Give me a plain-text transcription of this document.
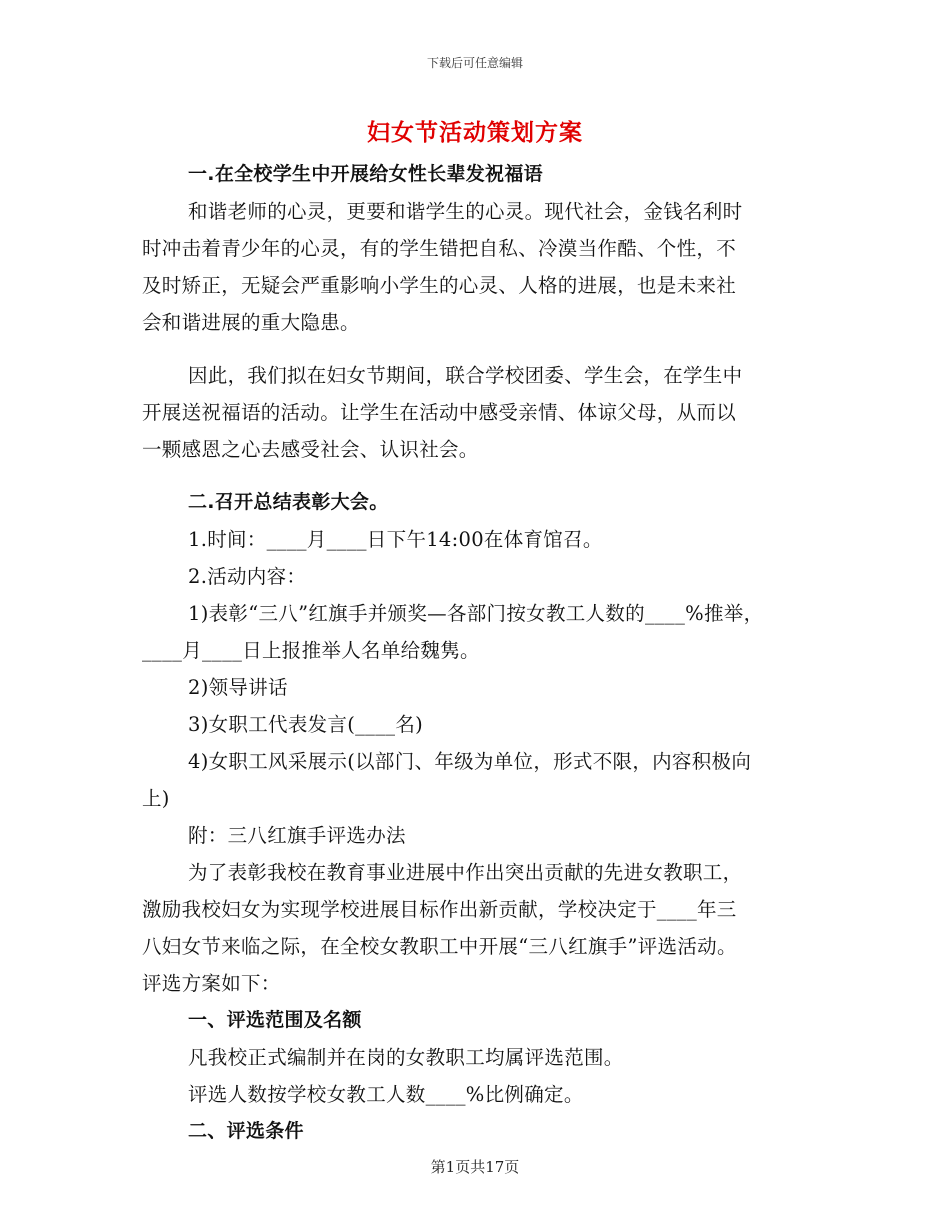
下载后可任意编辑
妇女节活动策划方案
一.在全校学生中开展给女性长辈发祝福语
和谐老师的心灵，更要和谐学生的心灵。现代社会，金钱名利时
时冲击着青少年的心灵，有的学生错把自私、冷漠当作酷、个性，不
及时矫正，无疑会严重影响小学生的心灵、人格的进展，也是未来社
会和谐进展的重大隐患。
因此，我们拟在妇女节期间，联合学校团委、学生会，在学生中
开展送祝福语的活动。让学生在活动中感受亲情、体谅父母，从而以
一颗感恩之心去感受社会、认识社会。
二.召开总结表彰大会。
1.时间：____月____日下午14:00在体育馆召。
2.活动内容：
1)表彰“三八”红旗手并颁奖—各部门按女教工人数的____%推举，
____月____日上报推举人名单给魏隽。
2)领导讲话
3)女职工代表发言(____名)
4)女职工风采展示(以部门、年级为单位，形式不限，内容积极向
上)
附：三八红旗手评选办法
为了表彰我校在教育事业进展中作出突出贡献的先进女教职工，
激励我校妇女为实现学校进展目标作出新贡献，学校决定于____年三
八妇女节来临之际，在全校女教职工中开展“三八红旗手”评选活动。
评选方案如下：
一、评选范围及名额
凡我校正式编制并在岗的女教职工均属评选范围。
评选人数按学校女教工人数____%比例确定。
二、评选条件
第1页共17页
